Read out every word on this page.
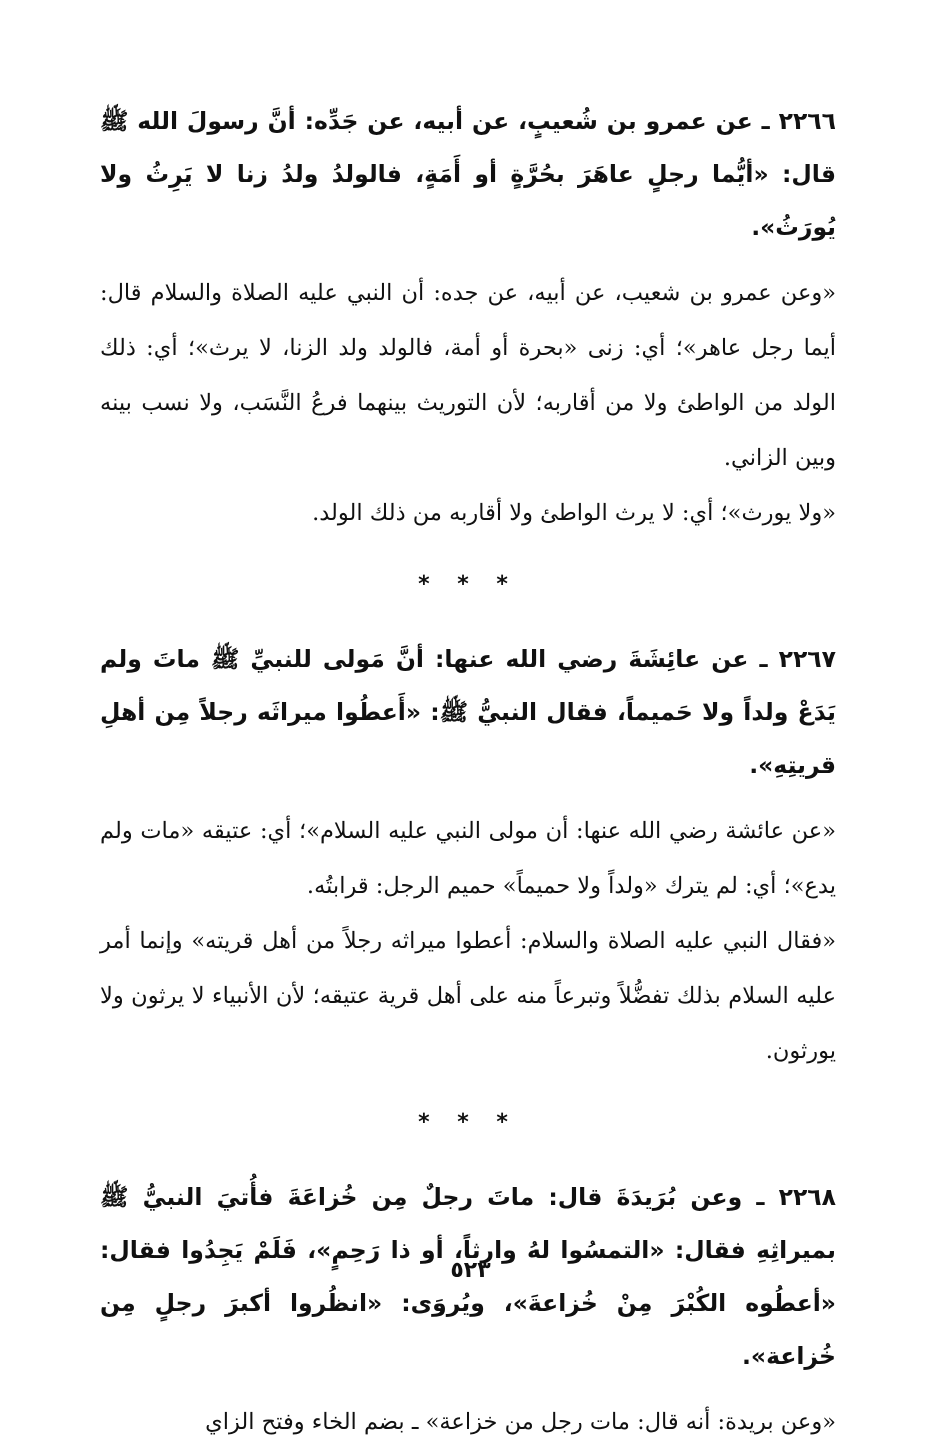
٢٢٦٦ ـ عن عمرو بن شُعيبٍ، عن أبيه، عن جَدِّه: أنَّ رسولَ الله ﷺ قال: «أيُّما رجلٍ عاهَرَ بحُرَّةٍ أو أَمَةٍ، فالولدُ ولدُ زنا لا يَرِثُ ولا يُورَثُ».

«وعن عمرو بن شعيب، عن أبيه، عن جده: أن النبي عليه الصلاة والسلام قال: أيما رجل عاهر»؛ أي: زنى «بحرة أو أمة، فالولد ولد الزنا، لا يرث»؛ أي: ذلك الولد من الواطئ ولا من أقاربه؛ لأن التوريث بينهما فرعُ النَّسَب، ولا نسب بينه وبين الزاني.

«ولا يورث»؛ أي: لا يرث الواطئ ولا أقاربه من ذلك الولد.

* * *

٢٢٦٧ ـ عن عائِشَةَ رضي الله عنها: أنَّ مَولى للنبيِّ ﷺ ماتَ ولم يَدَعْ ولداً ولا حَميماً، فقال النبيُّ ﷺ: «أَعطُوا ميراثَه رجلاً مِن أهلِ قريتِهِ».

«عن عائشة رضي الله عنها: أن مولى النبي عليه السلام»؛ أي: عتيقه «مات ولم يدع»؛ أي: لم يترك «ولداً ولا حميماً» حميم الرجل: قرابتُه.

«فقال النبي عليه الصلاة والسلام: أعطوا ميراثه رجلاً من أهل قريته» وإنما أمر عليه السلام بذلك تفضُّلاً وتبرعاً منه على أهل قرية عتيقه؛ لأن الأنبياء لا يرثون ولا يورثون.

* * *

٢٢٦٨ ـ وعن بُرَيدَةَ قال: ماتَ رجلٌ مِن خُزاعَةَ فأُتيَ النبيُّ ﷺ بميراثِهِ فقال: «التمسُوا لهُ وارثاً، أو ذا رَحِمٍ»، فَلَمْ يَجِدُوا فقال: «أعطُوه الكُبْرَ مِنْ خُزاعةَ»، ويُروَى: «انظُروا أكبرَ رجلٍ مِن خُزاعة».

«وعن بريدة: أنه قال: مات رجل من خزاعة» ـ بضم الخاء وفتح الزاي

٥٢٣
